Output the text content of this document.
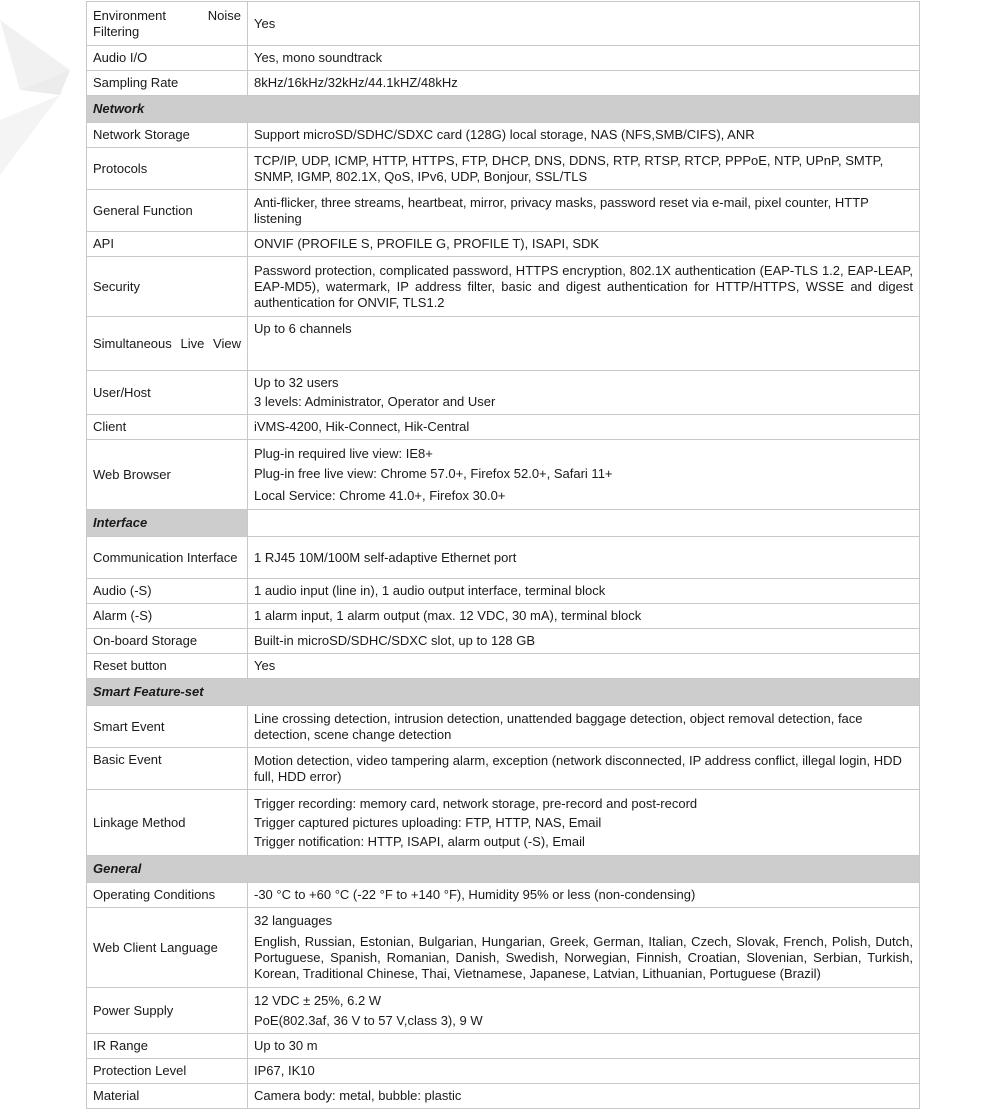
Environment Noise Filtering	Yes
Audio I/O	Yes, mono soundtrack
Sampling Rate	8kHz/16kHz/32kHz/44.1kHZ/48kHz
Network	
Network Storage	Support microSD/SDHC/SDXC card (128G) local storage, NAS (NFS,SMB/CIFS), ANR
Protocols	TCP/IP, UDP, ICMP, HTTP, HTTPS, FTP, DHCP, DNS, DDNS, RTP, RTSP, RTCP, PPPoE, NTP, UPnP, SMTP, SNMP, IGMP, 802.1X, QoS, IPv6, UDP, Bonjour, SSL/TLS
General Function	Anti-flicker, three streams, heartbeat, mirror, privacy masks, password reset via e-mail, pixel counter, HTTP listening
API	ONVIF (PROFILE S, PROFILE G, PROFILE T), ISAPI, SDK
Security	Password protection, complicated password, HTTPS encryption, 802.1X authentication (EAP-TLS 1.2, EAP-LEAP, EAP-MD5), watermark, IP address filter, basic and digest authentication for HTTP/HTTPS, WSSE and digest authentication for ONVIF, TLS1.2
Simultaneous Live View	Up to 6 channels
User/Host	Up to 32 users
3 levels: Administrator, Operator and User

Client	iVMS-4200, Hik-Connect, Hik-Central
Web Browser	Plug-in required live view: IE8+
Plug-in free live view: Chrome 57.0+, Firefox 52.0+, Safari 11+
Local Service: Chrome 41.0+, Firefox 30.0+

Interface	
Communication Interface	1 RJ45 10M/100M self-adaptive Ethernet port
Audio (-S)	1 audio input (line in), 1 audio output interface, terminal block
Alarm (-S)	1 alarm input, 1 alarm output (max. 12 VDC, 30 mA), terminal block
On-board Storage	Built-in microSD/SDHC/SDXC slot, up to 128 GB
Reset button	Yes
Smart Feature-set	
Smart Event	Line crossing detection, intrusion detection, unattended baggage detection, object removal detection, face detection, scene change detection
Basic Event	Motion detection, video tampering alarm, exception (network disconnected, IP address conflict, illegal login, HDD full, HDD error)
Linkage Method	Trigger recording: memory card, network storage, pre-record and post-record
Trigger captured pictures uploading: FTP, HTTP, NAS, Email
Trigger notification: HTTP, ISAPI, alarm output (-S), Email

General	
Operating Conditions	-30 °C to +60 °C (-22 °F to +140 °F), Humidity 95% or less (non-condensing)
Web Client Language	32 languages
English, Russian, Estonian, Bulgarian, Hungarian, Greek, German, Italian, Czech, Slovak, French, Polish, Dutch, Portuguese, Spanish, Romanian, Danish, Swedish, Norwegian, Finnish, Croatian, Slovenian, Serbian, Turkish, Korean, Traditional Chinese, Thai, Vietnamese, Japanese, Latvian, Lithuanian, Portuguese (Brazil)

Power Supply	12 VDC ± 25%, 6.2 W
PoE(802.3af, 36 V to 57 V,class 3), 9 W

IR Range	Up to 30 m
Protection Level	IP67, IK10
Material	Camera body: metal, bubble: plastic
